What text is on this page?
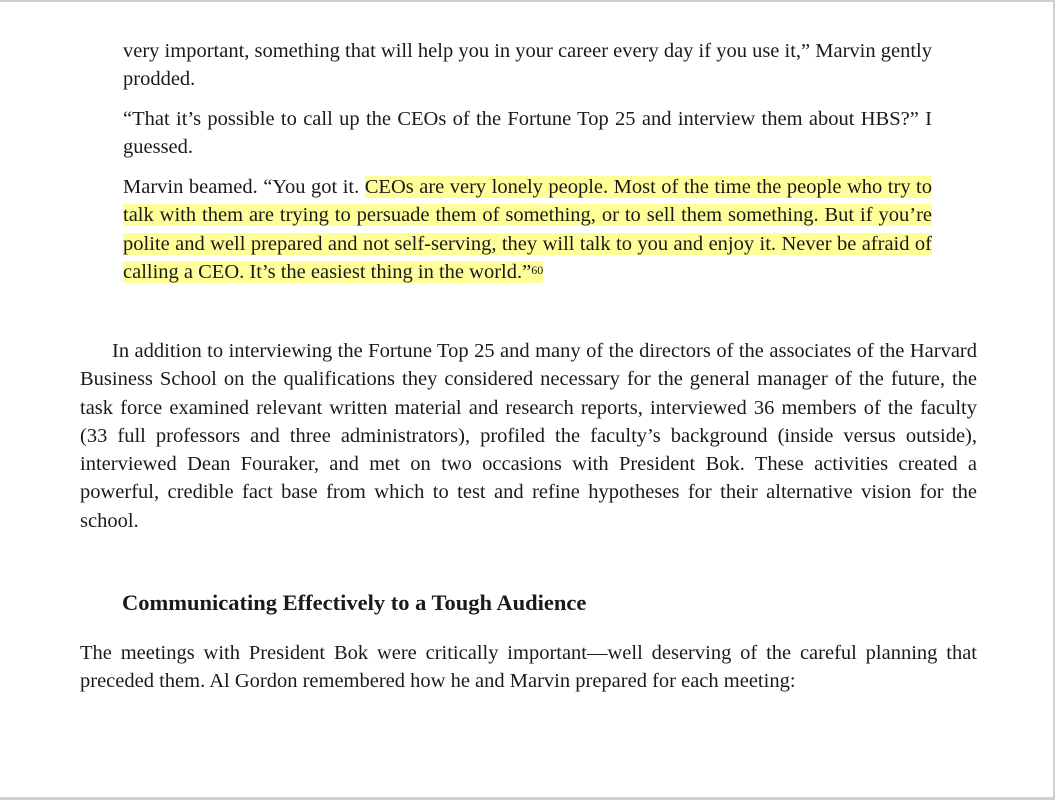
very important, something that will help you in your career every day if you use it,” Marvin gently prodded.

“That it’s possible to call up the CEOs of the Fortune Top 25 and interview them about HBS?” I guessed.

Marvin beamed. “You got it. CEOs are very lonely people. Most of the time the people who try to talk with them are trying to persuade them of something, or to sell them something. But if you’re polite and well prepared and not self-serving, they will talk to you and enjoy it. Never be afraid of calling a CEO. It’s the easiest thing in the world.”$^{60}$

In addition to interviewing the Fortune Top 25 and many of the directors of the associates of the Harvard Business School on the qualifications they considered necessary for the general manager of the future, the task force examined relevant written material and research reports, interviewed 36 members of the faculty (33 full professors and three administrators), profiled the faculty’s background (inside versus outside), interviewed Dean Fouraker, and met on two occasions with President Bok. These activities created a powerful, credible fact base from which to test and refine hypotheses for their alternative vision for the school.

Communicating Effectively to a Tough Audience

The meetings with President Bok were critically important—well deserving of the careful planning that preceded them. Al Gordon remembered how he and Marvin prepared for each meeting:
